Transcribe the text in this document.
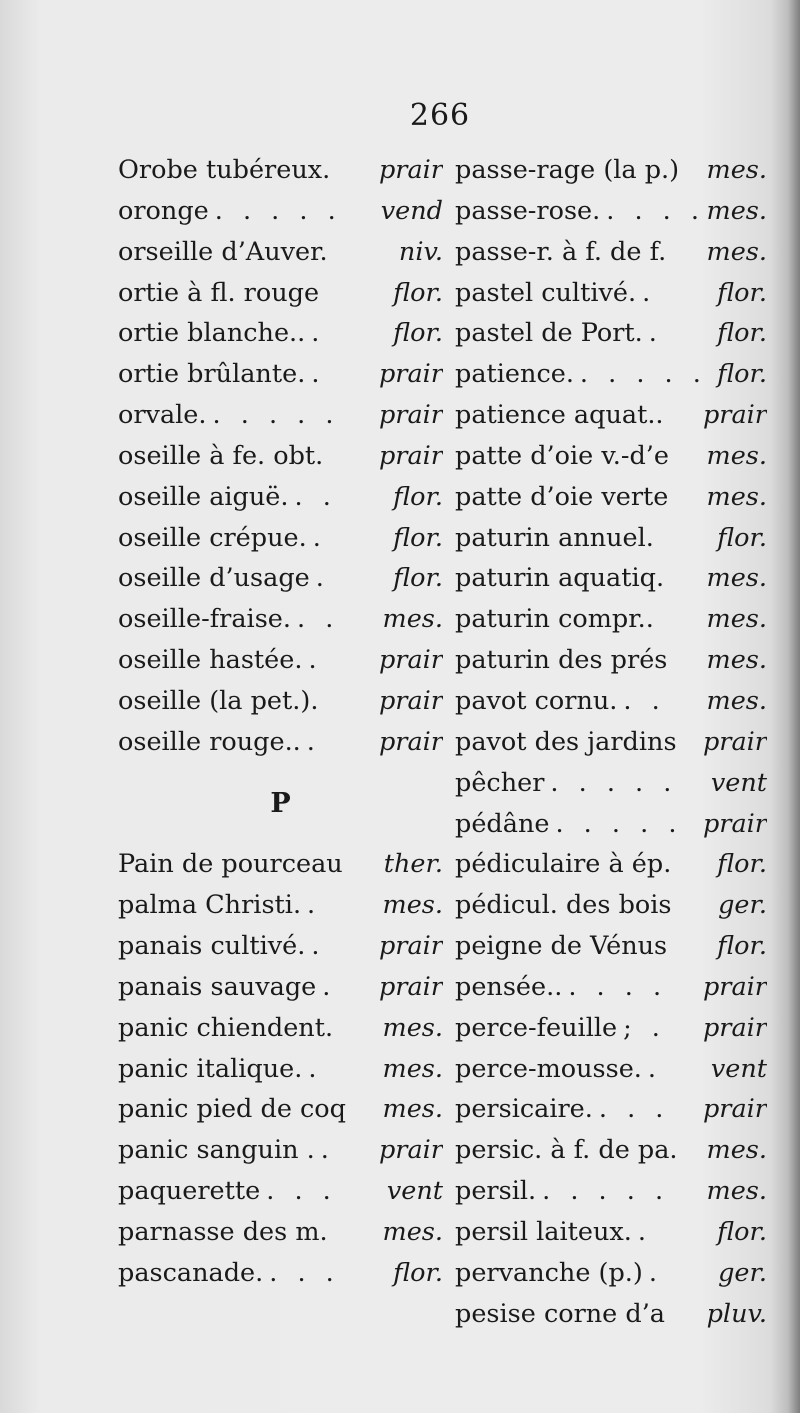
266
Orobe tubéreux. prair
oronge . . . . .	vend
orseille d’Auver.	niv.
ortie à fl. rouge	flor.
ortie blanche.. .	flor.
ortie brûlante. .	prair
orvale. . . . . .	prair
oseille à fe. obt. prair
oseille aiguë. . .	flor.
oseille crépue. .	flor.
oseille d’usage .	flor.
oseille-fraise. . .	mes.
oseille hastée. .	prair
oseille (la pet.). prair
oseille rouge.. .	prair
P
Pain de pourceau ther.
palma Christi. .	mes.
panais cultivé. .	prair
panais sauvage .	prair
panic chiendent. mes.
panic italique. .	mes.
panic pied de coq mes.
panic sanguin . .	prair
paquerette . . .	vent
parnasse des m. mes.
pascanade. . . .	flor.
passe-rage (la p.) mes.
passe-rose. . . . . mes.
passe-r. à f. de f. mes.
pastel cultivé. .	flor.
pastel de Port. .	flor.
patience. . . . . . flor.
patience aquat.. prair
patte d’oie v.-d’e mes.
patte d’oie verte mes.
paturin annuel. flor.
paturin aquatiq. mes.
paturin compr.. mes.
paturin des prés mes.
pavot cornu. . .	mes.
pavot des jardins prair
pêcher . . . . .	vent
pédâne . . . . . prair
pédiculaire à ép. flor.
pédicul. des bois ger.
peigne de Vénus flor.
pensée.. . . . .	prair
perce-feuille ; .	prair
perce-mousse. .	vent
persicaire. . . .	prair
persic. à f. de pa. mes.
persil. . . . . .	mes.
persil laiteux. .	flor.
pervanche (p.) .	ger.
pesise corne d’a pluv.
